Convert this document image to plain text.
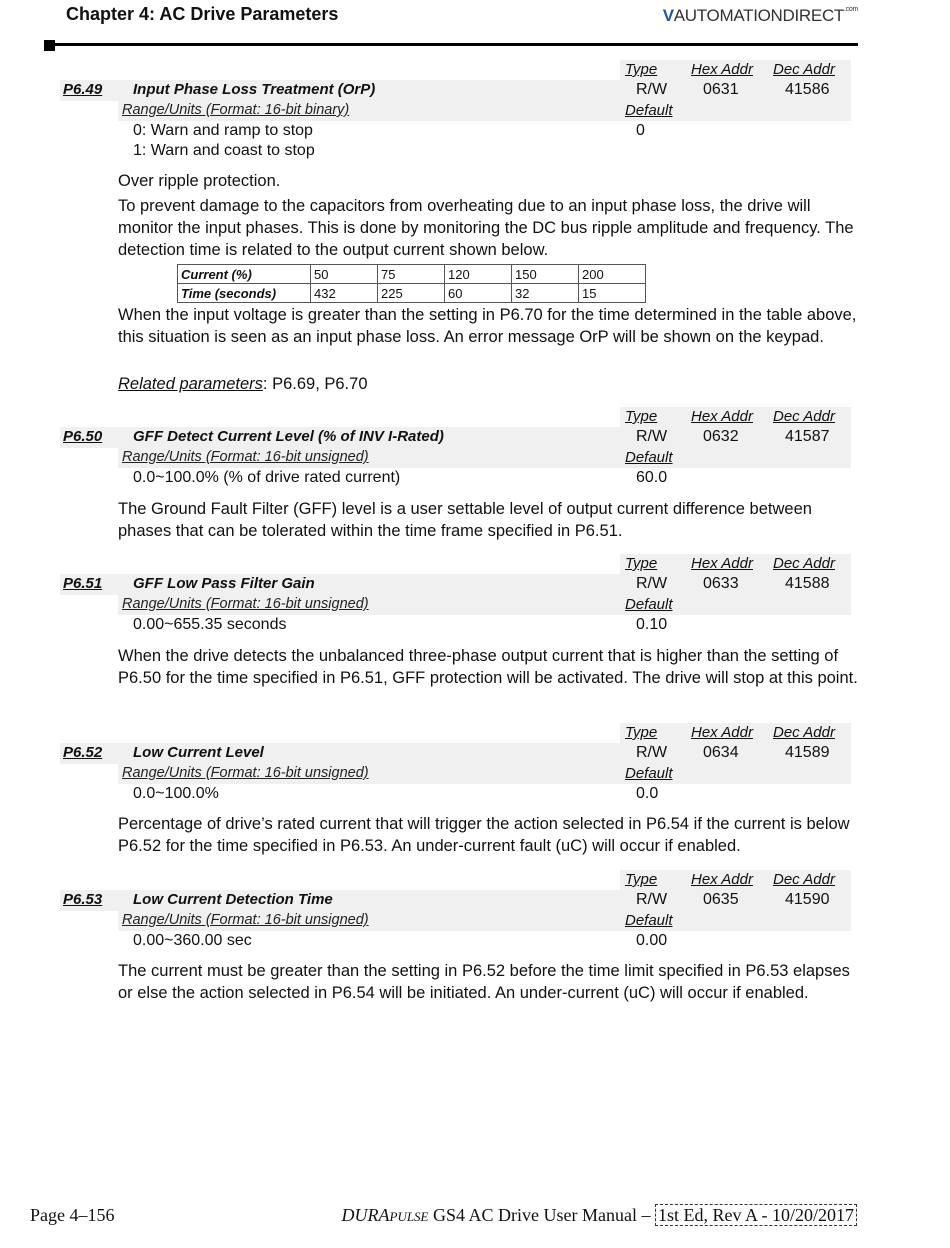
Chapter 4: AC Drive Parameters	$VAUTOMATIONDIRECT^{.com}$
Type Hex Addr Dec Addr
P6.49 Input Phase Loss Treatment (OrP)	R/W 0631	41586
Range/Units (Format: 16-bit binary)	Default
0: Warn and ramp to stop	0
1: Warn and coast to stop
Over ripple protection.
To prevent damage to the capacitors from overheating due to an input phase loss, the drive will monitor the input phases. This is done by monitoring the DC bus ripple amplitude and frequency. The detection time is related to the output current shown below.
Current (%)	50	75	120	150	200
Time (seconds)	432	225	60	32	15
When the input voltage is greater than the setting in P6.70 for the time determined in the table above, this situation is seen as an input phase loss. An error message OrP will be shown on the keypad.
Related parameters: P6.69, P6.70
Type Hex Addr Dec Addr
P6.50 GFF Detect Current Level (% of INV I-Rated)	R/W 0632	41587
Range/Units (Format: 16-bit unsigned)	Default
0.0~100.0% (% of drive rated current)	60.0
The Ground Fault Filter (GFF) level is a user settable level of output current difference between phases that can be tolerated within the time frame specified in P6.51.
Type Hex Addr Dec Addr
P6.51 GFF Low Pass Filter Gain	R/W 0633	41588
Range/Units (Format: 16-bit unsigned)	Default
0.00~655.35 seconds	0.10
When the drive detects the unbalanced three-phase output current that is higher than the setting of P6.50 for the time specified in P6.51, GFF protection will be activated. The drive will stop at this point.
Type Hex Addr Dec Addr
P6.52 Low Current Level	R/W 0634	41589
Range/Units (Format: 16-bit unsigned)	Default
0.0~100.0%	0.0
Percentage of drive’s rated current that will trigger the action selected in P6.54 if the current is below P6.52 for the time specified in P6.53. An under-current fault (uC) will occur if enabled.
Type Hex Addr Dec Addr
P6.53 Low Current Detection Time	R/W 0635	41590
Range/Units (Format: 16-bit unsigned)	Default
0.00~360.00 sec	0.00
The current must be greater than the setting in P6.52 before the time limit specified in P6.53 elapses or else the action selected in P6.54 will be initiated. An under-current (uC) will occur if enabled.
Page 4–156	DURAPULSE GS4 AC Drive User Manual – 1st Ed, Rev A - 10/20/2017
